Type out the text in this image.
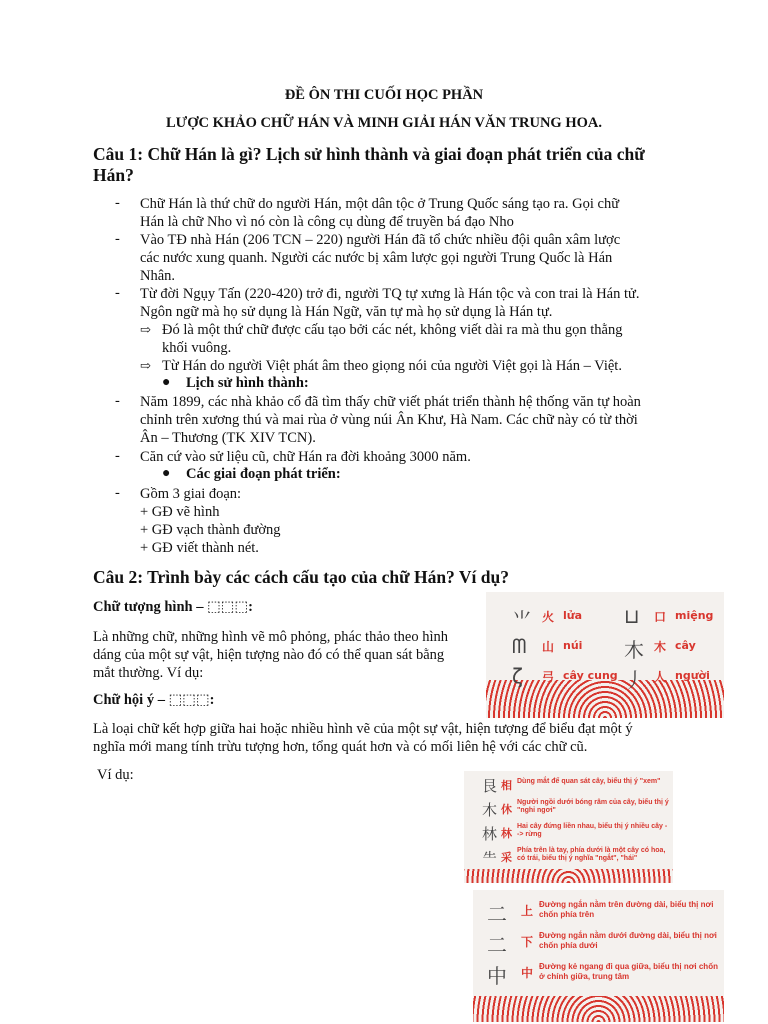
ĐỀ ÔN THI CUỐI HỌC PHẦN
LƯỢC KHẢO CHỮ HÁN VÀ MINH GIẢI HÁN VĂN TRUNG HOA.
Câu 1: Chữ Hán là gì? Lịch sử hình thành và giai đoạn phát triển của chữ
Hán?
- Chữ Hán là thứ chữ do người Hán, một dân tộc ở Trung Quốc sáng tạo ra. Gọi chữ
Hán là chữ Nho vì nó còn là công cụ dùng để truyền bá đạo Nho
- Vào TĐ nhà Hán (206 TCN – 220) người Hán đã tổ chức nhiều đội quân xâm lược
các nước xung quanh. Người các nước bị xâm lược gọi người Trung Quốc là Hán
Nhân.
- Từ đời Ngụy Tấn (220-420) trở đi, người TQ tự xưng là Hán tộc và con trai là Hán tử.
Ngôn ngữ mà họ sử dụng là Hán Ngữ, văn tự mà họ sử dụng là Hán tự.
⇨ Đó là một thứ chữ được cấu tạo bởi các nét, không viết dài ra mà thu gọn thằng
khối vuông.
⇨ Từ Hán do người Việt phát âm theo giọng nói của người Việt gọi là Hán – Việt.
● Lịch sử hình thành:
- Năm 1899, các nhà khảo cổ đã tìm thấy chữ viết phát triển thành hệ thống văn tự hoàn
chỉnh trên xương thú và mai rùa ở vùng núi Ân Khư, Hà Nam. Các chữ này có từ thời
Ân – Thương (TK XIV TCN).
- Căn cứ vào sử liệu cũ, chữ Hán ra đời khoảng 3000 năm.
● Các giai đoạn phát triển:
- Gồm 3 giai đoạn:
+ GĐ vẽ hình
+ GĐ vạch thành đường
+ GĐ viết thành nét.
Câu 2: Trình bày các cách cấu tạo của chữ Hán? Ví dụ?
Chữ tượng hình – ⬚⬚⬚:
Là những chữ, những hình vẽ mô phỏng, phác thảo theo hình
dáng của một sự vật, hiện tượng nào đó có thể quan sát bằng
mắt thường. Ví dụ:
Chữ hội ý – ⬚⬚⬚:
Là loại chữ kết hợp giữa hai hoặc nhiều hình vẽ của một sự vật, hiện tượng để biểu đạt một ý
nghĩa mới mang tính trừu tượng hơn, tổng quát hơn và có mối liên hệ với các chữ cũ.
Ví dụ:
⺌ 火 lửa ⊔ 口 miệng
ᗰ 山 núi ⽊ 木 cây
ζ 弓 cây cung ⼃ 人 người
⾉ 相 Dùng mắt để quan sát cây, biểu thị ý "xem"
⽊ 休
Người ngồi dưới bóng râm của cây, biểu thị ý "nghỉ ngơi"
林 林
Hai cây đứng liền nhau, biểu thị ý nhiều cây --> rừng
⺧ 采
Phía trên là tay, phía dưới là một cây có hoa, có trái, biểu thị ý nghĩa "ngắt", "hái"
二 上 Đường ngắn nằm trên đường dài, biểu thị nơi chốn phía trên
二 下 Đường ngắn nằm dưới đường dài, biểu thị nơi chốn phía dưới
中 中 Đường kẻ ngang đi qua giữa, biểu thị nơi chốn ở chính giữa, trung tâm
